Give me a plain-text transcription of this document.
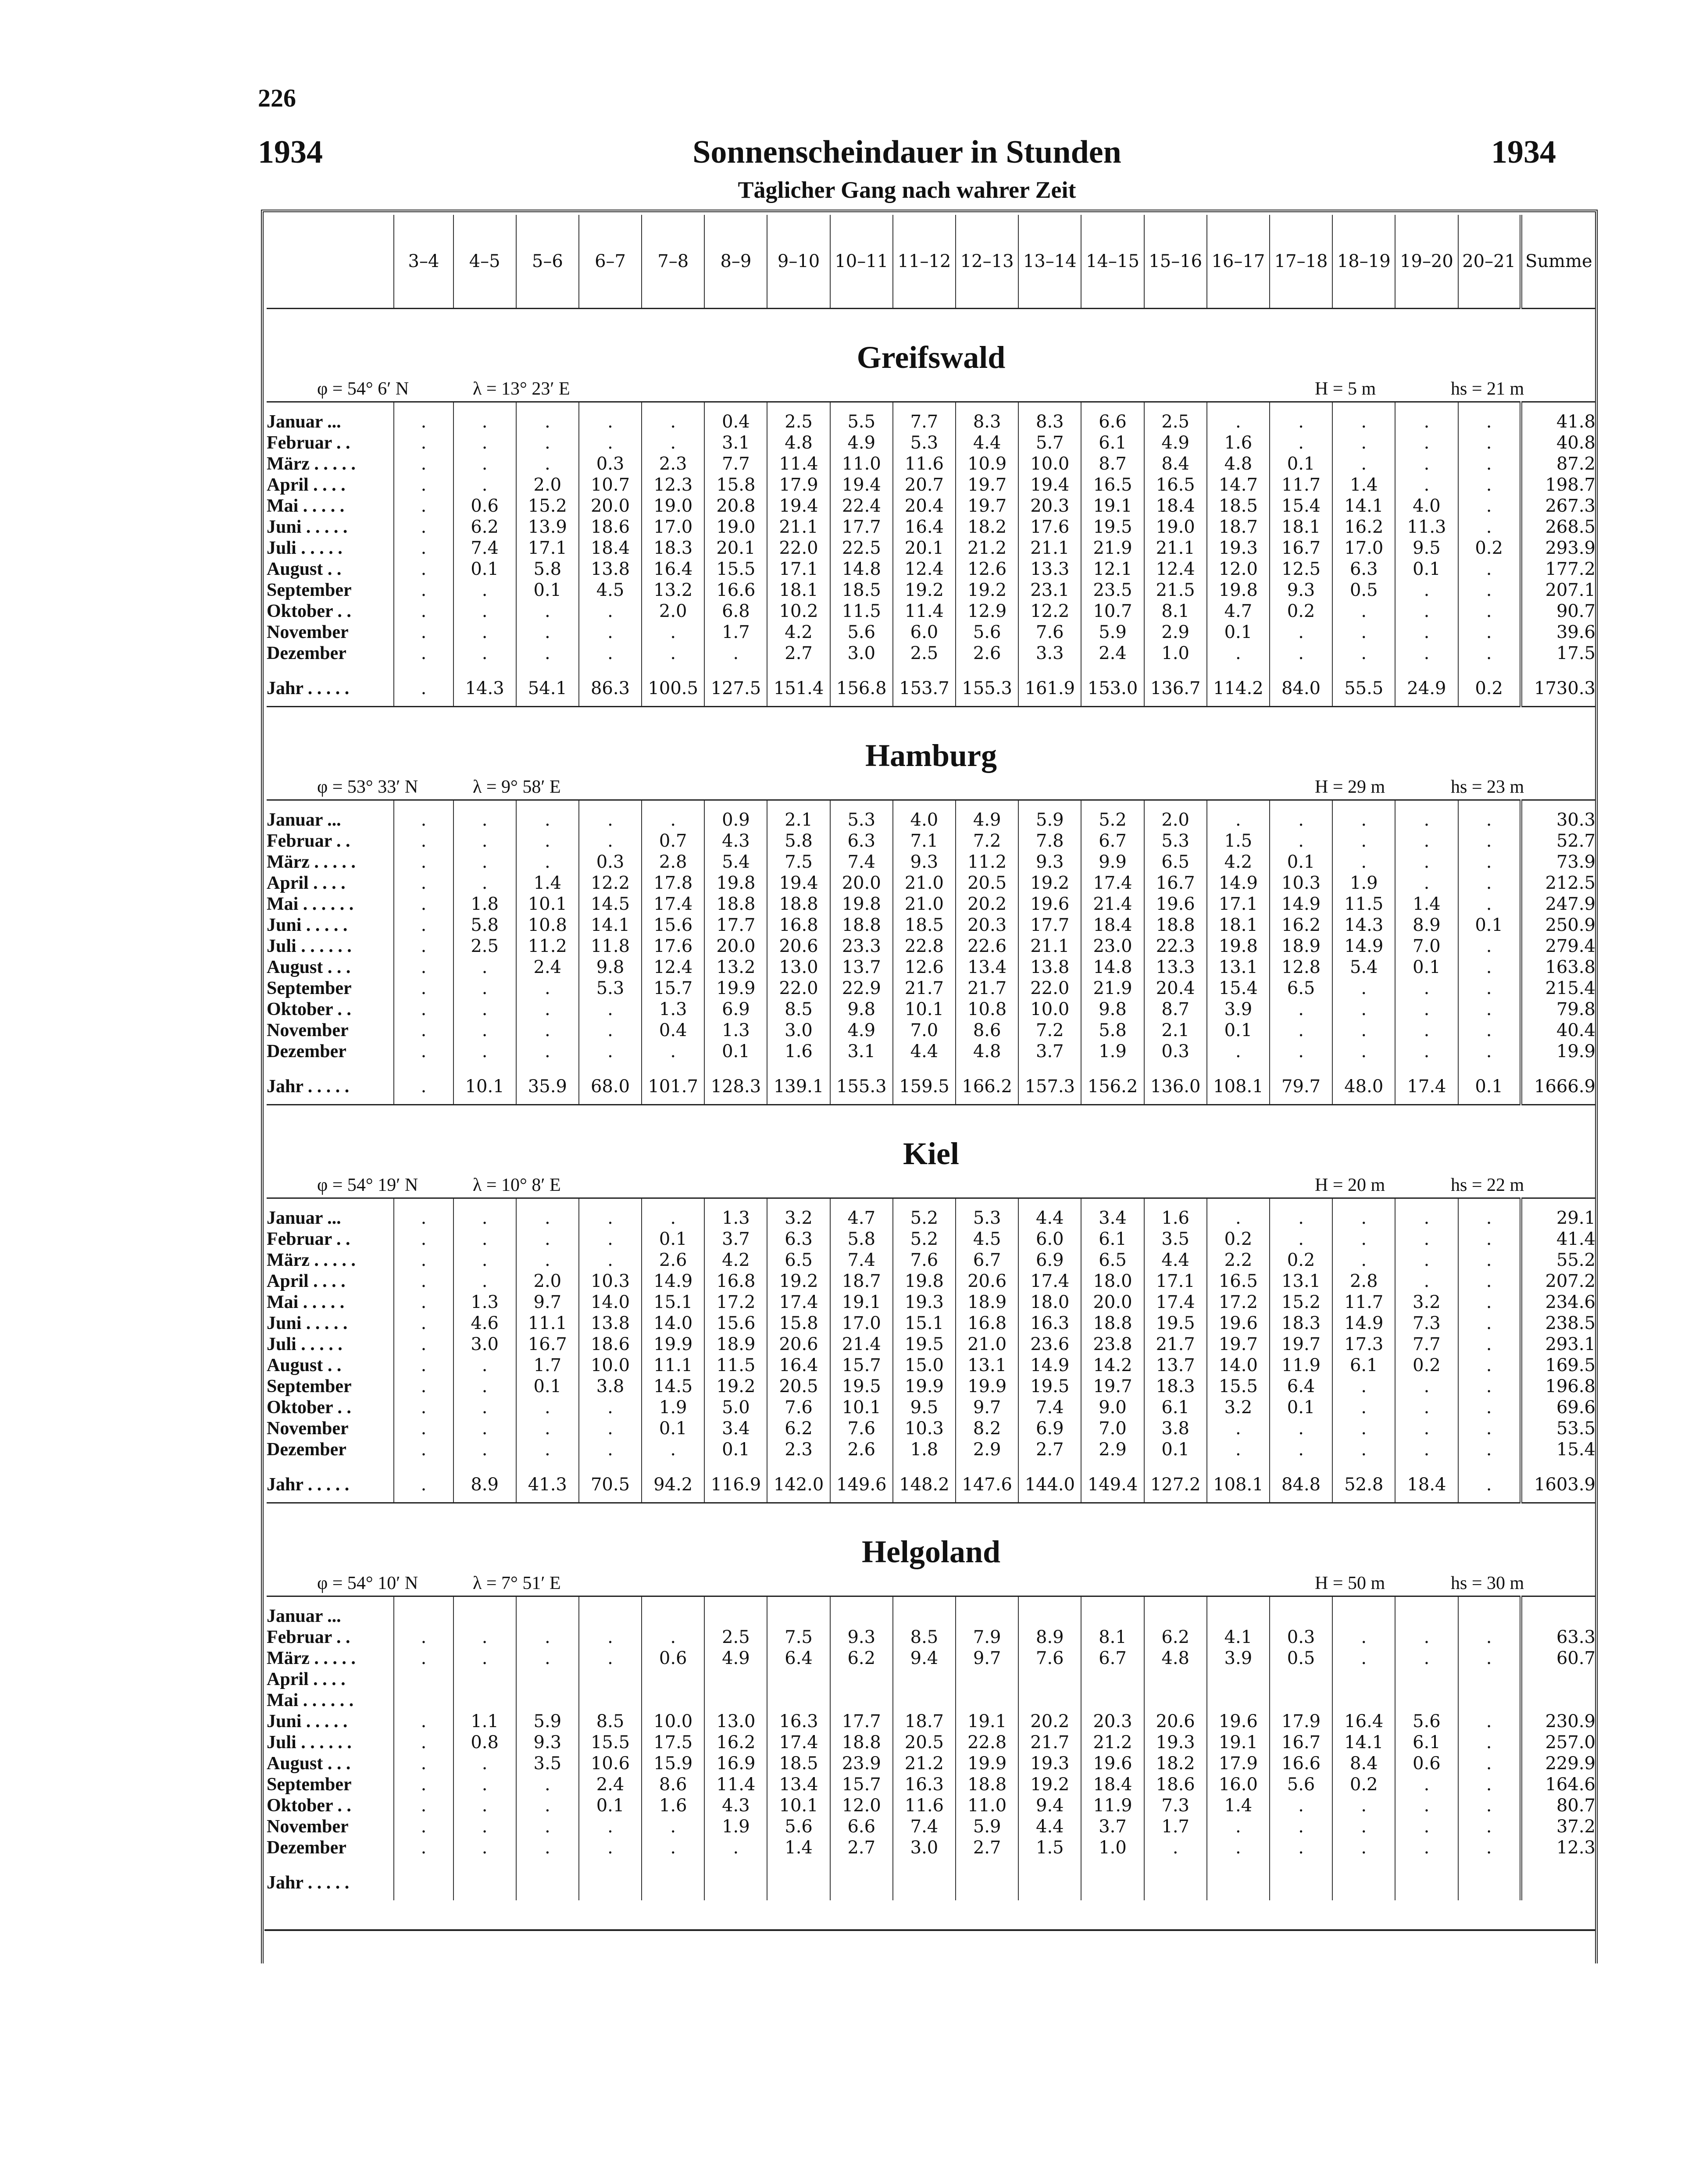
226
1934	Sonnenscheindauer in Stunden	1934
Täglicher Gang nach wahrer Zeit
	3–4	4–5	5–6	6–7	7–8	8–9	9–10	10–11	11–12	12–13	13–14	14–15	15–16	16–17	17–18	18–19	19–20	20–21	Summe
Greifswald																			

φ = 54° 6′ N λ = 13° 23′ E H = 5 m hs = 21 m																			

Januar ...	.	.	.	.	.	0.4	2.5	5.5	7.7	8.3	8.3	6.6	2.5	.	.	.	.	.	41.8
Februar . .	.	.	.	.	.	3.1	4.8	4.9	5.3	4.4	5.7	6.1	4.9	1.6	.	.	.	.	40.8
März . . . . .	.	.	.	0.3	2.3	7.7	11.4	11.0	11.6	10.9	10.0	8.7	8.4	4.8	0.1	.	.	.	87.2
April . . . .	.	.	2.0	10.7	12.3	15.8	17.9	19.4	20.7	19.7	19.4	16.5	16.5	14.7	11.7	1.4	.	.	198.7
Mai . . . . .	.	0.6	15.2	20.0	19.0	20.8	19.4	22.4	20.4	19.7	20.3	19.1	18.4	18.5	15.4	14.1	4.0	.	267.3
Juni . . . . .	.	6.2	13.9	18.6	17.0	19.0	21.1	17.7	16.4	18.2	17.6	19.5	19.0	18.7	18.1	16.2	11.3	.	268.5
Juli . . . . .	.	7.4	17.1	18.4	18.3	20.1	22.0	22.5	20.1	21.2	21.1	21.9	21.1	19.3	16.7	17.0	9.5	0.2	293.9
August . .	.	0.1	5.8	13.8	16.4	15.5	17.1	14.8	12.4	12.6	13.3	12.1	12.4	12.0	12.5	6.3	0.1	.	177.2
September	.	.	0.1	4.5	13.2	16.6	18.1	18.5	19.2	19.2	23.1	23.5	21.5	19.8	9.3	0.5	.	.	207.1
Oktober . .	.	.	.	.	2.0	6.8	10.2	11.5	11.4	12.9	12.2	10.7	8.1	4.7	0.2	.	.	.	90.7
November	.	.	.	.	.	1.7	4.2	5.6	6.0	5.6	7.6	5.9	2.9	0.1	.	.	.	.	39.6
Dezember	.	.	.	.	.	.	2.7	3.0	2.5	2.6	3.3	2.4	1.0	.	.	.	.	.	17.5

Jahr . . . . .	.	14.3	54.1	86.3	100.5	127.5	151.4	156.8	153.7	155.3	161.9	153.0	136.7	114.2	84.0	55.5	24.9	0.2	1730.3
Hamburg																			

φ = 53° 33′ N λ = 9° 58′ E H = 29 m hs = 23 m																			

Januar ...	.	.	.	.	.	0.9	2.1	5.3	4.0	4.9	5.9	5.2	2.0	.	.	.	.	.	30.3
Februar . .	.	.	.	.	0.7	4.3	5.8	6.3	7.1	7.2	7.8	6.7	5.3	1.5	.	.	.	.	52.7
März . . . . .	.	.	.	0.3	2.8	5.4	7.5	7.4	9.3	11.2	9.3	9.9	6.5	4.2	0.1	.	.	.	73.9
April . . . .	.	.	1.4	12.2	17.8	19.8	19.4	20.0	21.0	20.5	19.2	17.4	16.7	14.9	10.3	1.9	.	.	212.5
Mai . . . . . .	.	1.8	10.1	14.5	17.4	18.8	18.8	19.8	21.0	20.2	19.6	21.4	19.6	17.1	14.9	11.5	1.4	.	247.9
Juni . . . . .	.	5.8	10.8	14.1	15.6	17.7	16.8	18.8	18.5	20.3	17.7	18.4	18.8	18.1	16.2	14.3	8.9	0.1	250.9
Juli . . . . . .	.	2.5	11.2	11.8	17.6	20.0	20.6	23.3	22.8	22.6	21.1	23.0	22.3	19.8	18.9	14.9	7.0	.	279.4
August . . .	.	.	2.4	9.8	12.4	13.2	13.0	13.7	12.6	13.4	13.8	14.8	13.3	13.1	12.8	5.4	0.1	.	163.8
September	.	.	.	5.3	15.7	19.9	22.0	22.9	21.7	21.7	22.0	21.9	20.4	15.4	6.5	.	.	.	215.4
Oktober . .	.	.	.	.	1.3	6.9	8.5	9.8	10.1	10.8	10.0	9.8	8.7	3.9	.	.	.	.	79.8
November	.	.	.	.	0.4	1.3	3.0	4.9	7.0	8.6	7.2	5.8	2.1	0.1	.	.	.	.	40.4
Dezember	.	.	.	.	.	0.1	1.6	3.1	4.4	4.8	3.7	1.9	0.3	.	.	.	.	.	19.9

Jahr . . . . .	.	10.1	35.9	68.0	101.7	128.3	139.1	155.3	159.5	166.2	157.3	156.2	136.0	108.1	79.7	48.0	17.4	0.1	1666.9
Kiel																			

φ = 54° 19′ N λ = 10° 8′ E H = 20 m hs = 22 m																			

Januar ...	.	.	.	.	.	1.3	3.2	4.7	5.2	5.3	4.4	3.4	1.6	.	.	.	.	.	29.1
Februar . .	.	.	.	.	0.1	3.7	6.3	5.8	5.2	4.5	6.0	6.1	3.5	0.2	.	.	.	.	41.4
März . . . . .	.	.	.	.	2.6	4.2	6.5	7.4	7.6	6.7	6.9	6.5	4.4	2.2	0.2	.	.	.	55.2
April . . . .	.	.	2.0	10.3	14.9	16.8	19.2	18.7	19.8	20.6	17.4	18.0	17.1	16.5	13.1	2.8	.	.	207.2
Mai . . . . .	.	1.3	9.7	14.0	15.1	17.2	17.4	19.1	19.3	18.9	18.0	20.0	17.4	17.2	15.2	11.7	3.2	.	234.6
Juni . . . . .	.	4.6	11.1	13.8	14.0	15.6	15.8	17.0	15.1	16.8	16.3	18.8	19.5	19.6	18.3	14.9	7.3	.	238.5
Juli . . . . .	.	3.0	16.7	18.6	19.9	18.9	20.6	21.4	19.5	21.0	23.6	23.8	21.7	19.7	19.7	17.3	7.7	.	293.1
August . .	.	.	1.7	10.0	11.1	11.5	16.4	15.7	15.0	13.1	14.9	14.2	13.7	14.0	11.9	6.1	0.2	.	169.5
September	.	.	0.1	3.8	14.5	19.2	20.5	19.5	19.9	19.9	19.5	19.7	18.3	15.5	6.4	.	.	.	196.8
Oktober . .	.	.	.	.	1.9	5.0	7.6	10.1	9.5	9.7	7.4	9.0	6.1	3.2	0.1	.	.	.	69.6
November	.	.	.	.	0.1	3.4	6.2	7.6	10.3	8.2	6.9	7.0	3.8	.	.	.	.	.	53.5
Dezember	.	.	.	.	.	0.1	2.3	2.6	1.8	2.9	2.7	2.9	0.1	.	.	.	.	.	15.4

Jahr . . . . .	.	8.9	41.3	70.5	94.2	116.9	142.0	149.6	148.2	147.6	144.0	149.4	127.2	108.1	84.8	52.8	18.4	.	1603.9
Helgoland																			

φ = 54° 10′ N λ = 7° 51′ E H = 50 m hs = 30 m																			

Januar ...																			
Februar . .	.	.	.	.	.	2.5	7.5	9.3	8.5	7.9	8.9	8.1	6.2	4.1	0.3	.	.	.	63.3
März . . . . .	.	.	.	.	0.6	4.9	6.4	6.2	9.4	9.7	7.6	6.7	4.8	3.9	0.5	.	.	.	60.7
April . . . .																			
Mai . . . . . .																			
Juni . . . . .	.	1.1	5.9	8.5	10.0	13.0	16.3	17.7	18.7	19.1	20.2	20.3	20.6	19.6	17.9	16.4	5.6	.	230.9
Juli . . . . . .	.	0.8	9.3	15.5	17.5	16.2	17.4	18.8	20.5	22.8	21.7	21.2	19.3	19.1	16.7	14.1	6.1	.	257.0
August . . .	.	.	3.5	10.6	15.9	16.9	18.5	23.9	21.2	19.9	19.3	19.6	18.2	17.9	16.6	8.4	0.6	.	229.9
September	.	.	.	2.4	8.6	11.4	13.4	15.7	16.3	18.8	19.2	18.4	18.6	16.0	5.6	0.2	.	.	164.6
Oktober . .	.	.	.	0.1	1.6	4.3	10.1	12.0	11.6	11.0	9.4	11.9	7.3	1.4	.	.	.	.	80.7
November	.	.	.	.	.	1.9	5.6	6.6	7.4	5.9	4.4	3.7	1.7	.	.	.	.	.	37.2
Dezember	.	.	.	.	.	.	1.4	2.7	3.0	2.7	1.5	1.0	.	.	.	.	.	.	12.3

Jahr . . . . .																			
